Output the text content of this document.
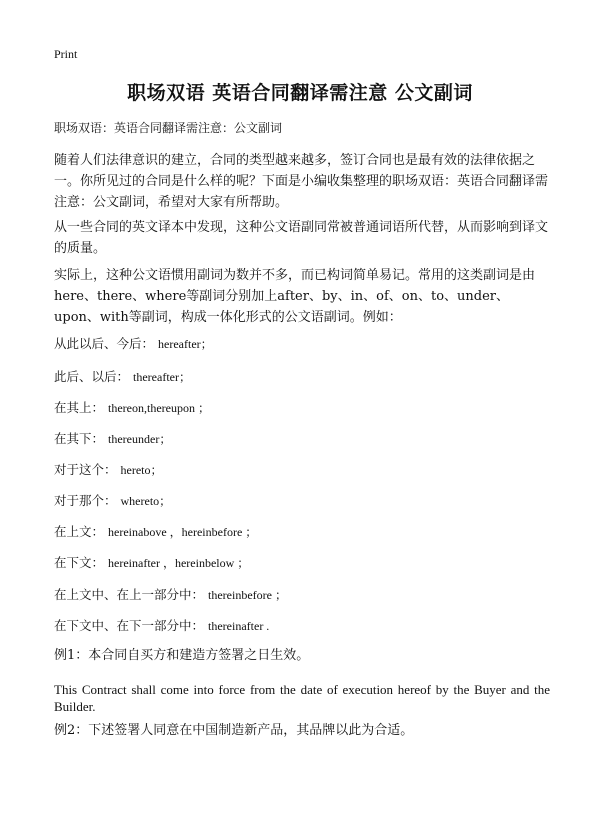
Print
职场双语 英语合同翻译需注意 公文副词

职场双语：英语合同翻译需注意：公文副词

随着人们法律意识的建立，合同的类型越来越多，签订合同也是最有效的法律依据之一。你所见过的合同是什么样的呢？下面是小编收集整理的职场双语：英语合同翻译需注意：公文副词，希望对大家有所帮助。

从一些合同的英文译本中发现，这种公文语副同常被普通词语所代替，从而影响到译文的质量。

实际上，这种公文语惯用副词为数并不多，而已构词简单易记。常用的这类副词是由here、there、where等副词分别加上after、by、in、of、on、to、under、upon、with等副词，构成一体化形式的公文语副词。例如：

从此以后、今后： hereafter；
此后、以后： thereafter；
在其上： thereon,thereupon ；
在其下： thereunder；
对于这个： hereto；
对于那个： whereto；
在上文： hereinabove ，hereinbefore ；
在下文： hereinafter ，hereinbelow ；
在上文中、在上一部分中： thereinbefore ；
在下文中、在下一部分中： thereinafter .

例1：本合同自买方和建造方签署之日生效。

This Contract shall come into force from the date of execution hereof by the Buyer and the Builder.

例2：下述签署人同意在中国制造新产品，其品牌以此为合适。
